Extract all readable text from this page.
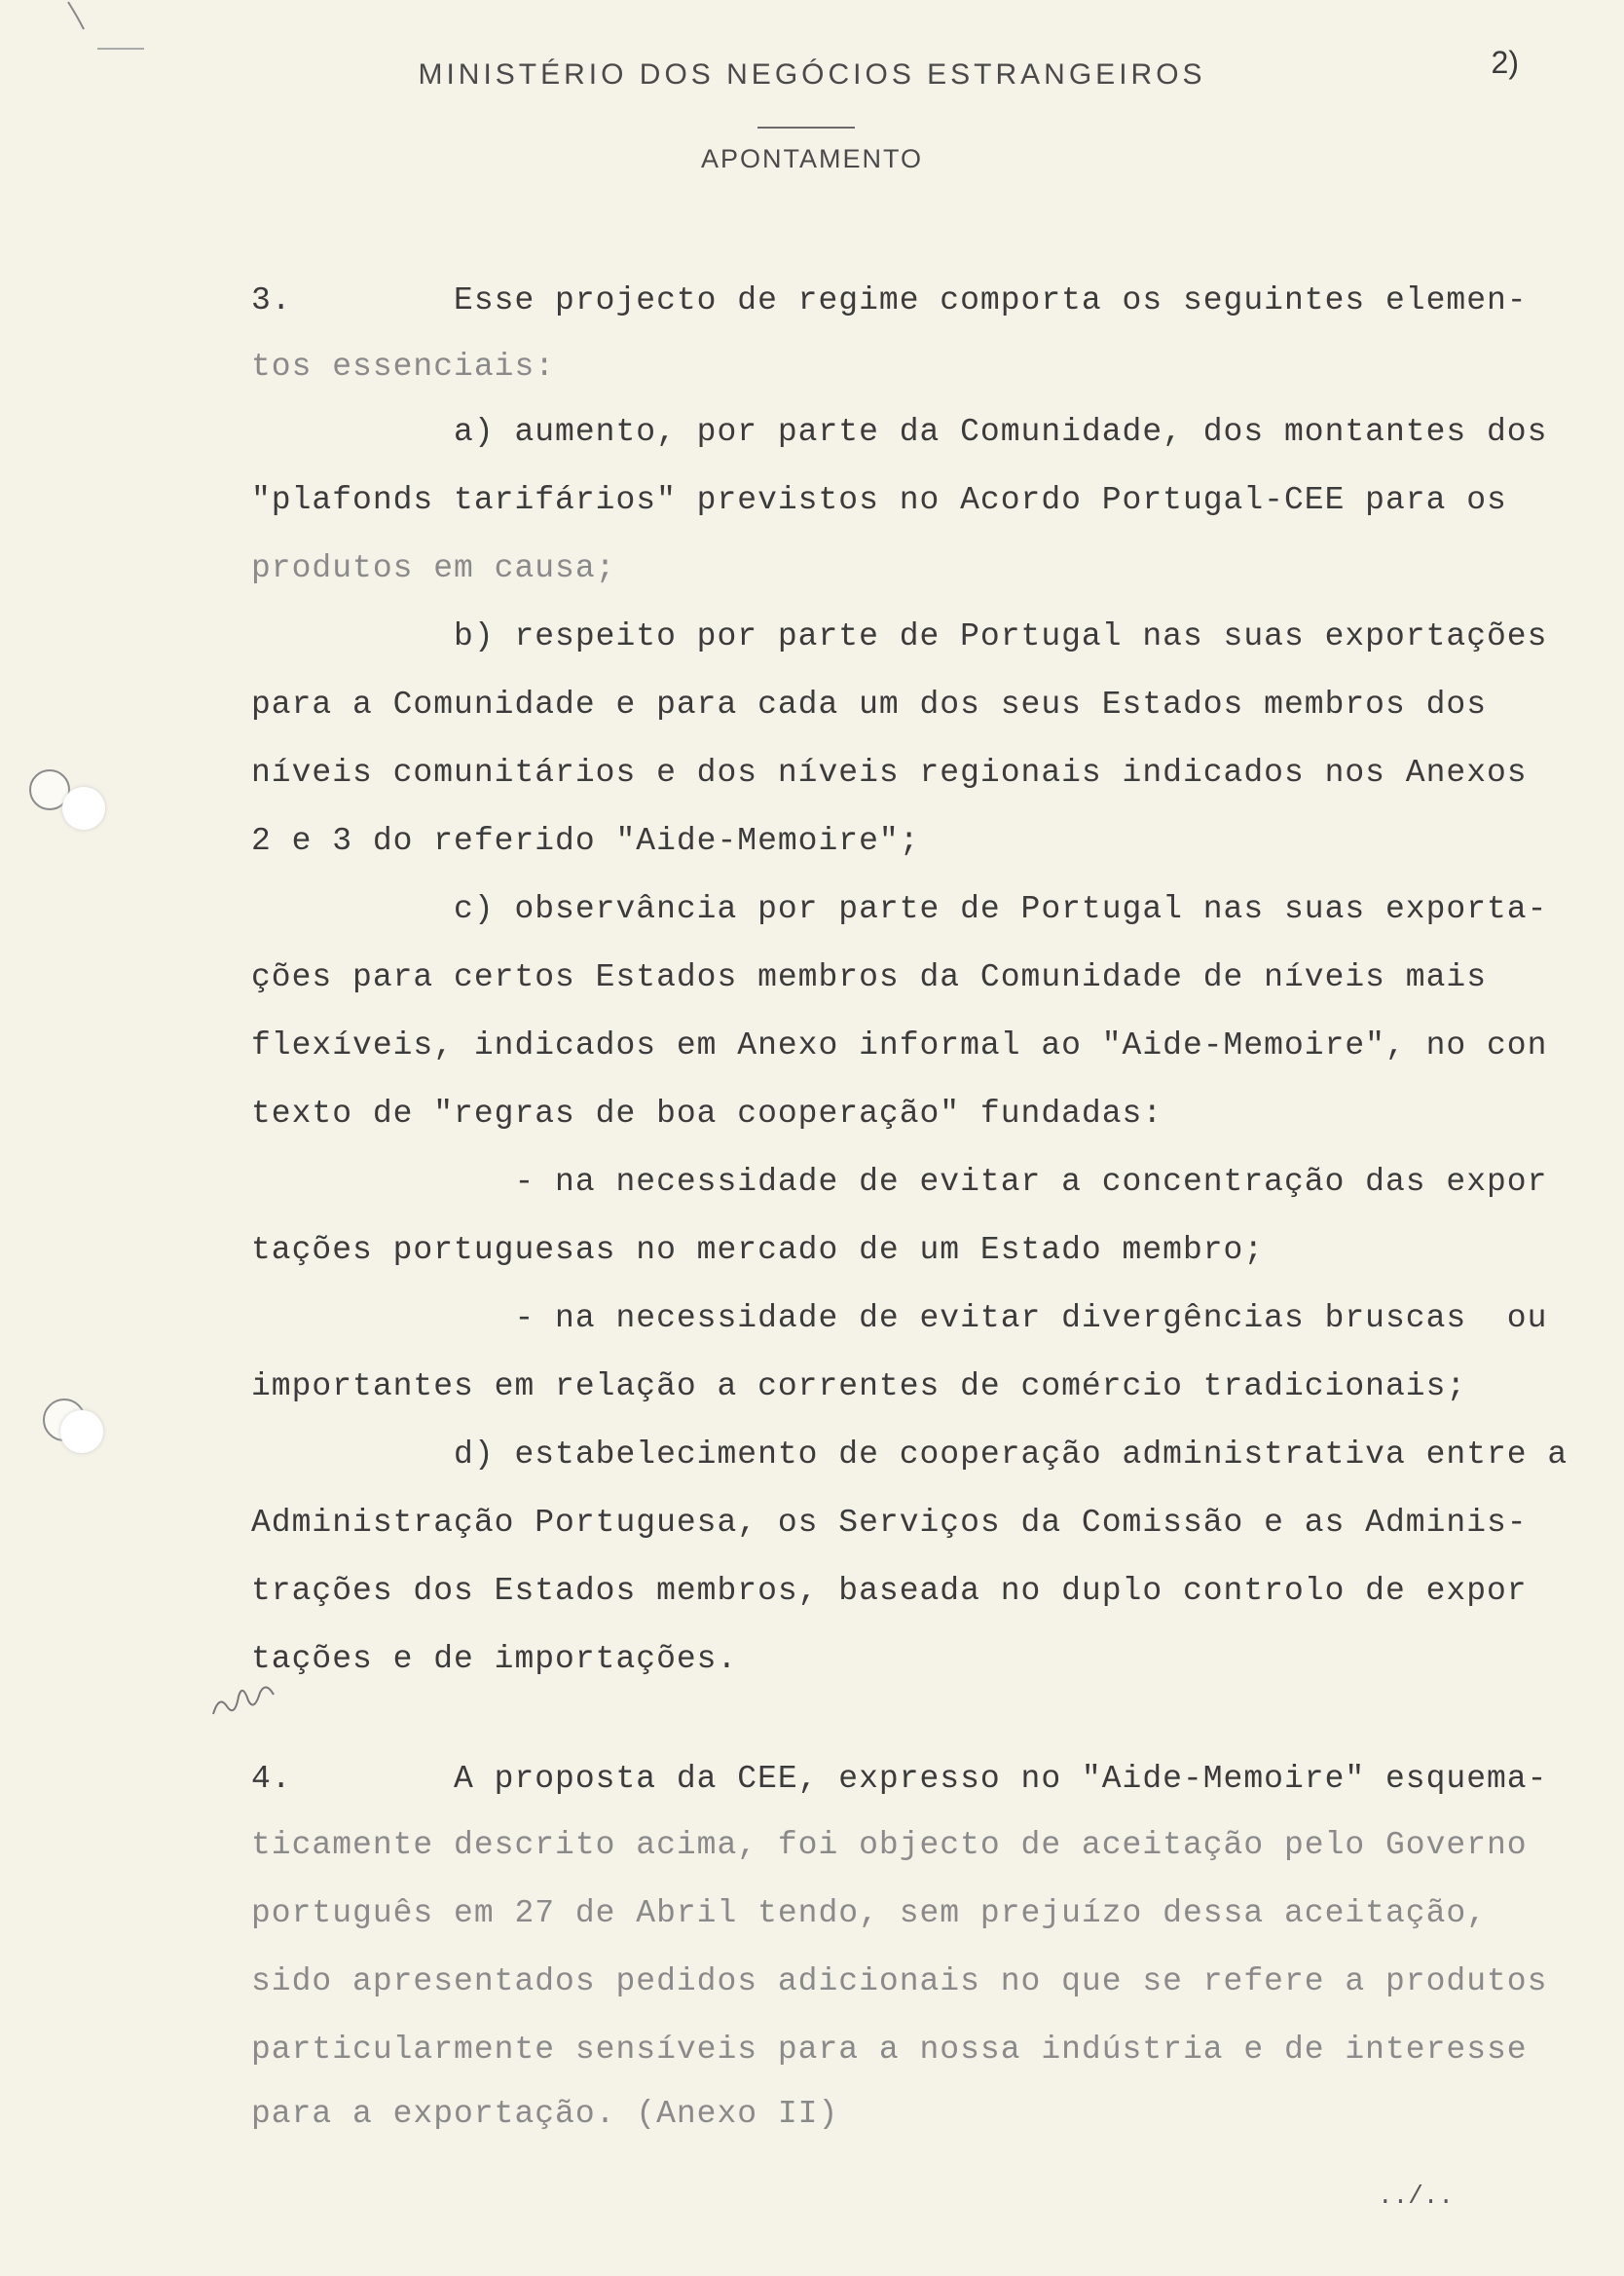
MINISTÉRIO DOS NEGÓCIOS ESTRANGEIROS
APONTAMENTO
2)
3.        Esse projecto de regime comporta os seguintes elemen-
tos essenciais:
a) aumento, por parte da Comunidade, dos montantes dos
"plafonds tarifários" previstos no Acordo Portugal-CEE para os
produtos em causa;
b) respeito por parte de Portugal nas suas exportações
para a Comunidade e para cada um dos seus Estados membros dos
níveis comunitários e dos níveis regionais indicados nos Anexos
2 e 3 do referido "Aide-Memoire";
c) observância por parte de Portugal nas suas exporta-
ções para certos Estados membros da Comunidade de níveis mais
flexíveis, indicados em Anexo informal ao "Aide-Memoire", no con
texto de "regras de boa cooperação" fundadas:
- na necessidade de evitar a concentração das expor
tações portuguesas no mercado de um Estado membro;
- na necessidade de evitar divergências bruscas  ou
importantes em relação a correntes de comércio tradicionais;
d) estabelecimento de cooperação administrativa entre a
Administração Portuguesa, os Serviços da Comissão e as Adminis-
trações dos Estados membros, baseada no duplo controlo de expor
tações e de importações.
4.        A proposta da CEE, expresso no "Aide-Memoire" esquema-
ticamente descrito acima, foi objecto de aceitação pelo Governo
português em 27 de Abril tendo, sem prejuízo dessa aceitação,
sido apresentados pedidos adicionais no que se refere a produtos
particularmente sensíveis para a nossa indústria e de interesse
para a exportação. (Anexo II)
../..
